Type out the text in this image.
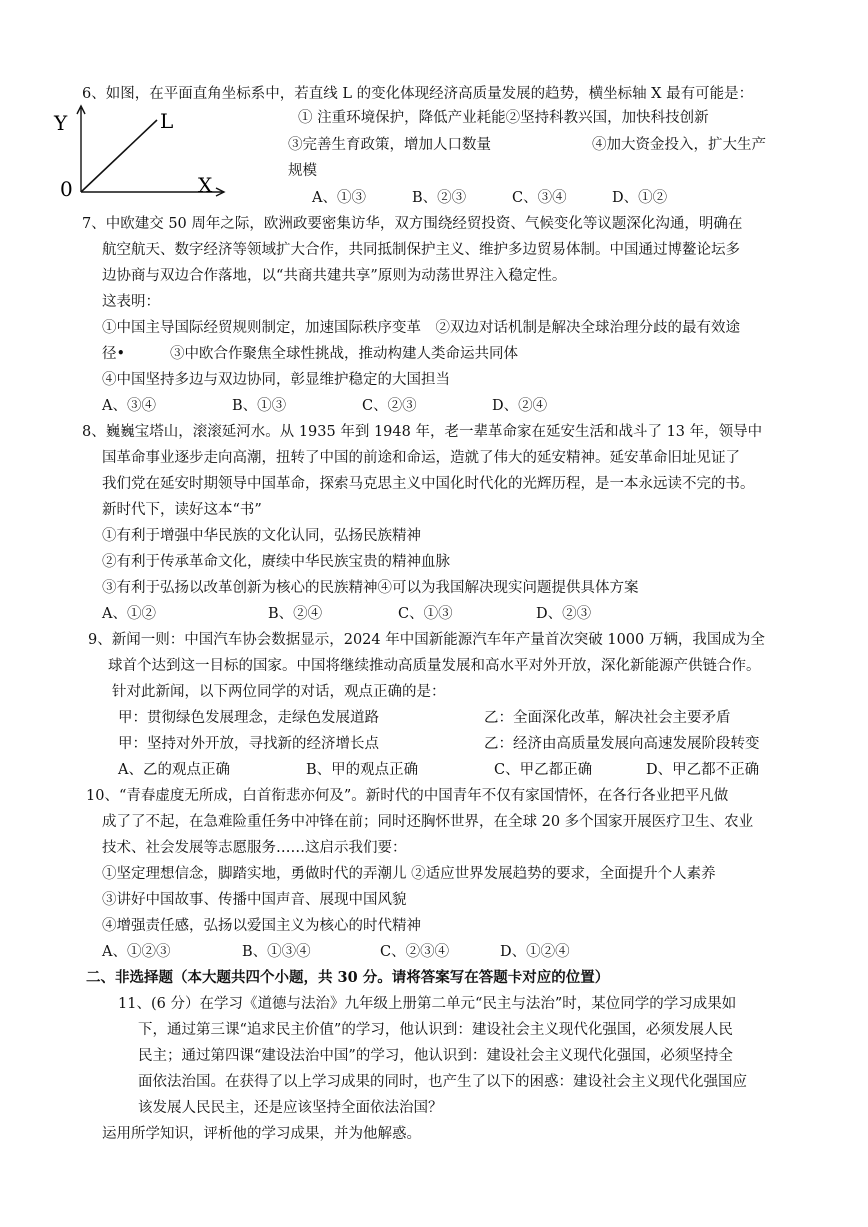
6、如图，在平面直角坐标系中，若直线 L 的变化体现经济高质量发展的趋势，横坐标轴 X 最有可能是：
Y
X
0
L	① 注重环境保护，降低产业耗能②坚持科教兴国，加快科技创新
③完善生育政策，增加人口数量	④加大资金投入，扩大生产
规模
A、①③	B、②③	C、③④	D、①②
7、中欧建交 50 周年之际，欧洲政要密集访华，双方围绕经贸投资、气候变化等议题深化沟通，明确在
航空航天、数字经济等领域扩大合作，共同抵制保护主义、维护多边贸易体制。中国通过博鳌论坛多
边协商与双边合作落地，以“共商共建共享”原则为动荡世界注入稳定性。
这表明：
①中国主导国际经贸规则制定，加速国际秩序变革　②双边对话机制是解决全球治理分歧的最有效途
径•	③中欧合作聚焦全球性挑战，推动构建人类命运共同体
④中国坚持多边与双边协同，彰显维护稳定的大国担当
A、③④	B、①③	C、②③	D、②④
8、巍巍宝塔山，滚滚延河水。从 1935 年到 1948 年，老一辈革命家在延安生活和战斗了 13 年，领导中
国革命事业逐步走向高潮，扭转了中国的前途和命运，造就了伟大的延安精神。延安革命旧址见证了
我们党在延安时期领导中国革命，探索马克思主义中国化时代化的光辉历程，是一本永远读不完的书。
新时代下，读好这本“书”
①有利于增强中华民族的文化认同，弘扬民族精神
②有利于传承革命文化，赓续中华民族宝贵的精神血脉
③有利于弘扬以改革创新为核心的民族精神④可以为我国解决现实问题提供具体方案
A、①②	B、②④	C、①③	D、②③
9、新闻一则：中国汽车协会数据显示，2024 年中国新能源汽车年产量首次突破 1000 万辆，我国成为全
球首个达到这一目标的国家。中国将继续推动高质量发展和高水平对外开放，深化新能源产供链合作。
针对此新闻，以下两位同学的对话，观点正确的是：
甲：贯彻绿色发展理念，走绿色发展道路	乙：全面深化改革，解决社会主要矛盾
甲：坚持对外开放，寻找新的经济增长点	乙：经济由高质量发展向高速发展阶段转变
A、乙的观点正确	B、甲的观点正确	C、甲乙都正确	D、甲乙都不正确
10、“青春虚度无所成，白首衔悲亦何及”。新时代的中国青年不仅有家国情怀，在各行各业把平凡做
成了了不起，在急难险重任务中冲锋在前；同时还胸怀世界，在全球 20 多个国家开展医疗卫生、农业
技术、社会发展等志愿服务……这启示我们要：
①坚定理想信念，脚踏实地，勇做时代的弄潮儿 ②适应世界发展趋势的要求，全面提升个人素养
③讲好中国故事、传播中国声音、展现中国风貌
④增强责任感，弘扬以爱国主义为核心的时代精神
A、①②③	B、①③④	C、②③④	D、①②④
二、非选择题（本大题共四个小题，共 30 分。请将答案写在答题卡对应的位置）
11、(6 分）在学习《道德与法治》九年级上册第二单元“民主与法治”时，某位同学的学习成果如
下，通过第三课“追求民主价值”的学习，他认识到：建设社会主义现代化强国，必须发展人民
民主；通过第四课“建设法治中国”的学习，他认识到：建设社会主义现代化强国，必须坚持全
面依法治国。在获得了以上学习成果的同时，也产生了以下的困惑：建设社会主义现代化强国应
该发展人民民主，还是应该坚持全面依法治国？
运用所学知识，评析他的学习成果，并为他解惑。
